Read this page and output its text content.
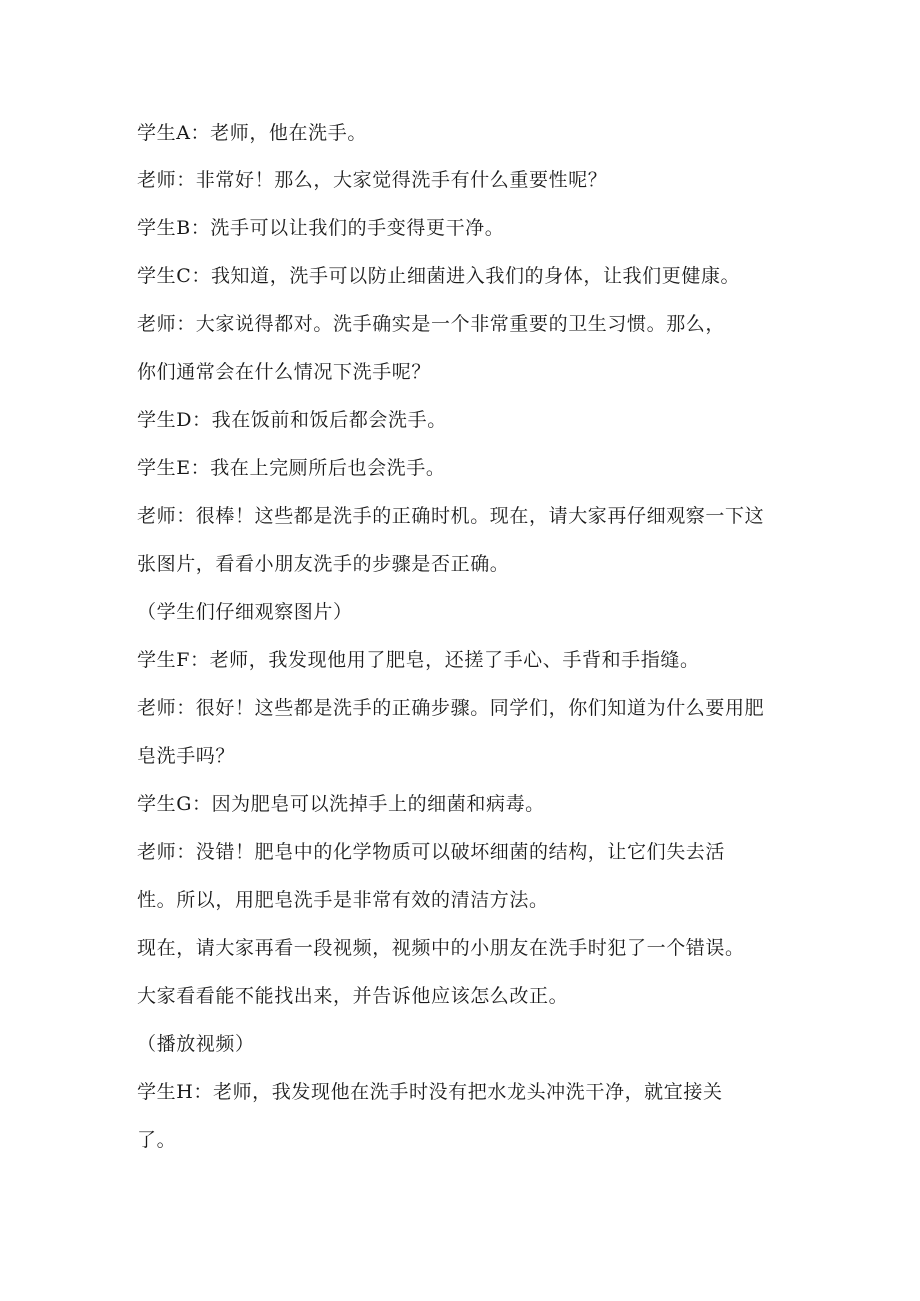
学生A：老师，他在洗手。
老师：非常好！那么，大家觉得洗手有什么重要性呢？
学生B：洗手可以让我们的手变得更干净。
学生C：我知道，洗手可以防止细菌进入我们的身体，让我们更健康。
老师：大家说得都对。洗手确实是一个非常重要的卫生习惯。那么，
你们通常会在什么情况下洗手呢？
学生D：我在饭前和饭后都会洗手。
学生E：我在上完厕所后也会洗手。
老师：很棒！这些都是洗手的正确时机。现在，请大家再仔细观察一下这
张图片，看看小朋友洗手的步骤是否正确。
（学生们仔细观察图片）
学生F：老师，我发现他用了肥皂，还搓了手心、手背和手指缝。
老师：很好！这些都是洗手的正确步骤。同学们，你们知道为什么要用肥
皂洗手吗？
学生G：因为肥皂可以洗掉手上的细菌和病毒。
老师：没错！肥皂中的化学物质可以破坏细菌的结构，让它们失去活
性。所以，用肥皂洗手是非常有效的清洁方法。
现在，请大家再看一段视频，视频中的小朋友在洗手时犯了一个错误。
大家看看能不能找出来，并告诉他应该怎么改正。
（播放视频）
学生H：老师，我发现他在洗手时没有把水龙头冲洗干净，就宜接关
了。
